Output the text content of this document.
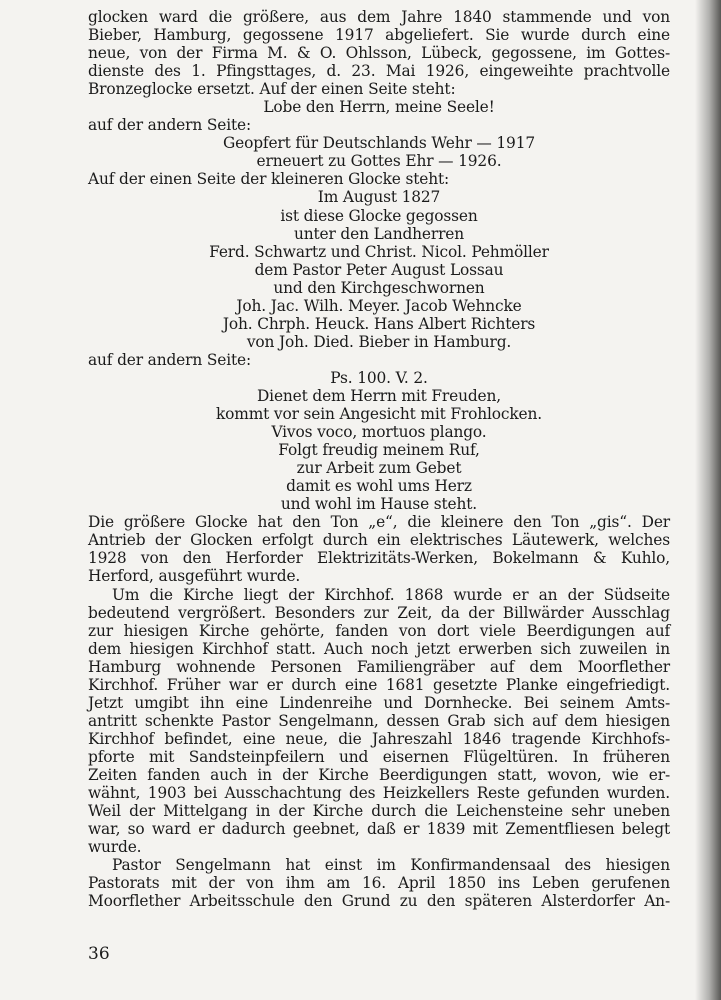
glocken ward die größere, aus dem Jahre 1840 stammende und von
Bieber, Hamburg, gegossene 1917 abgeliefert. Sie wurde durch eine
neue, von der Firma M. & O. Ohlsson, Lübeck, gegossene, im Gottes-
dienste des 1. Pfingsttages, d. 23. Mai 1926, eingeweihte prachtvolle
Bronzeglocke ersetzt. Auf der einen Seite steht:
Lobe den Herrn, meine Seele!
auf der andern Seite:
Geopfert für Deutschlands Wehr — 1917
erneuert zu Gottes Ehr — 1926.
Auf der einen Seite der kleineren Glocke steht:
Im August 1827
ist diese Glocke gegossen
unter den Landherren
Ferd. Schwartz und Christ. Nicol. Pehmöller
dem Pastor Peter August Lossau
und den Kirchgeschwornen
Joh. Jac. Wilh. Meyer. Jacob Wehncke
Joh. Chrph. Heuck. Hans Albert Richters
von Joh. Died. Bieber in Hamburg.
auf der andern Seite:
Ps. 100. V. 2.
Dienet dem Herrn mit Freuden,
kommt vor sein Angesicht mit Frohlocken.
Vivos voco, mortuos plango.
Folgt freudig meinem Ruf,
zur Arbeit zum Gebet
damit es wohl ums Herz
und wohl im Hause steht.
Die größere Glocke hat den Ton „e“, die kleinere den Ton „gis“. Der
Antrieb der Glocken erfolgt durch ein elektrisches Läutewerk, welches
1928 von den Herforder Elektrizitäts-Werken, Bokelmann & Kuhlo,
Herford, ausgeführt wurde.
Um die Kirche liegt der Kirchhof. 1868 wurde er an der Südseite
bedeutend vergrößert. Besonders zur Zeit, da der Billwärder Ausschlag
zur hiesigen Kirche gehörte, fanden von dort viele Beerdigungen auf
dem hiesigen Kirchhof statt. Auch noch jetzt erwerben sich zuweilen in
Hamburg wohnende Personen Familiengräber auf dem Moorflether
Kirchhof. Früher war er durch eine 1681 gesetzte Planke eingefriedigt.
Jetzt umgibt ihn eine Lindenreihe und Dornhecke. Bei seinem Amts-
antritt schenkte Pastor Sengelmann, dessen Grab sich auf dem hiesigen
Kirchhof befindet, eine neue, die Jahreszahl 1846 tragende Kirchhofs-
pforte mit Sandsteinpfeilern und eisernen Flügeltüren. In früheren
Zeiten fanden auch in der Kirche Beerdigungen statt, wovon, wie er-
wähnt, 1903 bei Ausschachtung des Heizkellers Reste gefunden wurden.
Weil der Mittelgang in der Kirche durch die Leichensteine sehr uneben
war, so ward er dadurch geebnet, daß er 1839 mit Zementfliesen belegt
wurde.
Pastor Sengelmann hat einst im Konfirmandensaal des hiesigen
Pastorats mit der von ihm am 16. April 1850 ins Leben gerufenen
Moorflether Arbeitsschule den Grund zu den späteren Alsterdorfer An-
36
